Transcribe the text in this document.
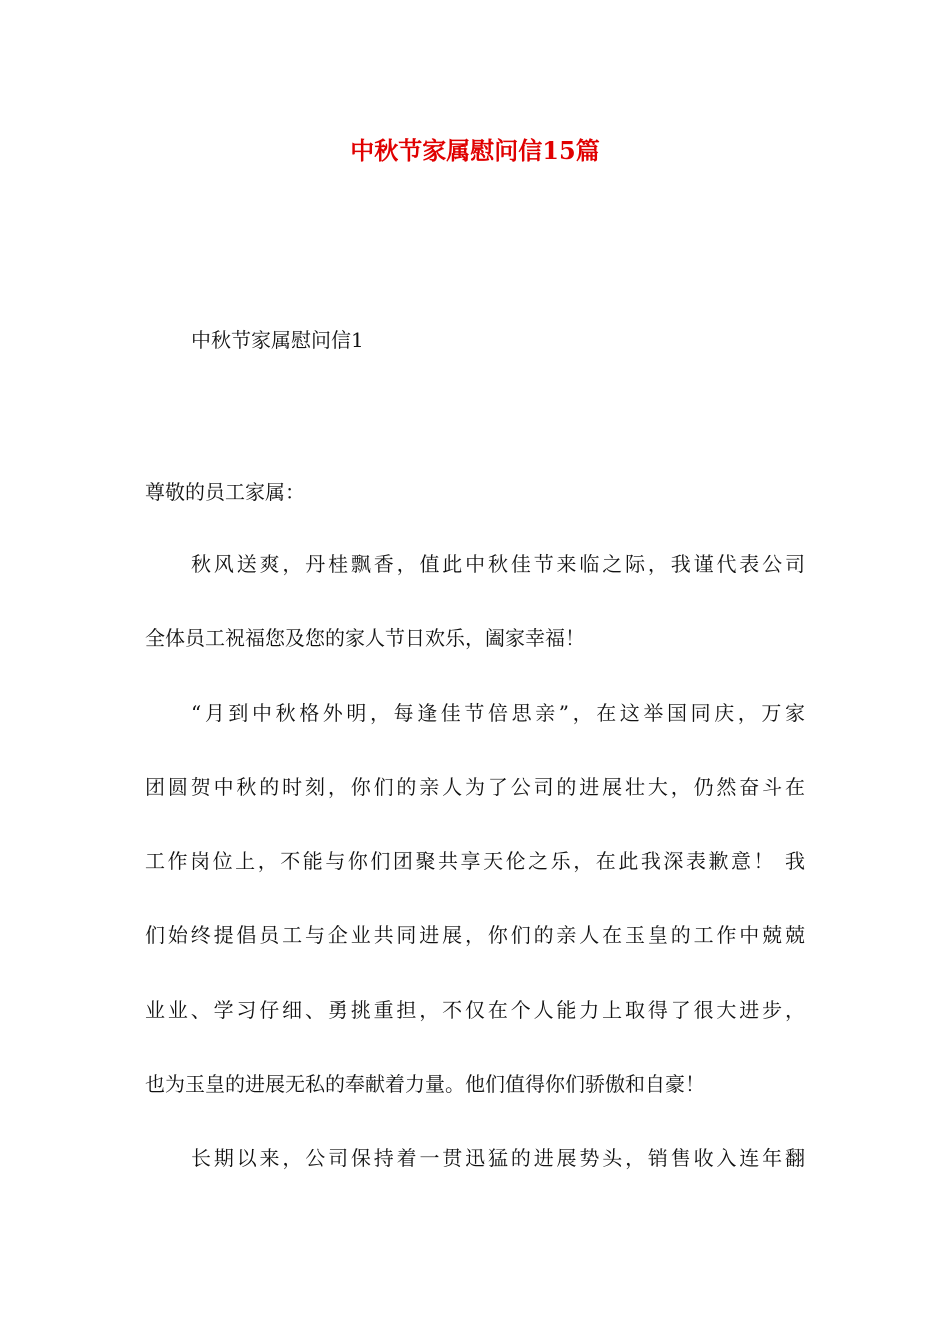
中秋节家属慰问信15篇
中秋节家属慰问信1
尊敬的员工家属：
秋风送爽，丹桂飘香，值此中秋佳节来临之际，我谨代表公司
全体员工祝福您及您的家人节日欢乐，阖家幸福！
“月到中秋格外明，每逢佳节倍思亲”，在这举国同庆，万家
团圆贺中秋的时刻，你们的亲人为了公司的进展壮大，仍然奋斗在
工作岗位上，不能与你们团聚共享天伦之乐，在此我深表歉意！ 我
们始终提倡员工与企业共同进展，你们的亲人在玉皇的工作中兢兢
业业、学习仔细、勇挑重担，不仅在个人能力上取得了很大进步，
也为玉皇的进展无私的奉献着力量。他们值得你们骄傲和自豪！
长期以来，公司保持着一贯迅猛的进展势头，销售收入连年翻
